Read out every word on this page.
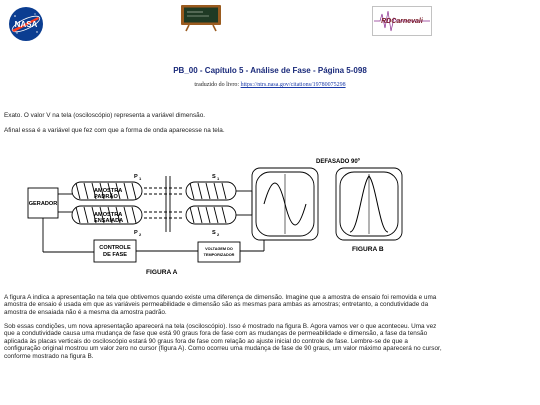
NASA	RDCarnevali
PB_00 - Capítulo 5 - Análise de Fase - Página 5-098
traduzido do livro: https://ntrs.nasa.gov/citations/19780075298
Exato. O valor V na tela (osciloscópio) representa a variável dimensão.
Afinal essa é a variável que fez com que a forma de onda aparecesse na tela.
GERADOR
AMOSTRA
PADRÃO
AMOSTRA
ENSAIADA
P 1
P 2
S 1
S 2
CONTROLE
DE FASE
VOLTAGEM DO
TEMPORIZADOR
DEFASADO 90º
FIGURA A
FIGURA B
A figura A indica a apresentação na tela que obtivemos quando existe uma diferença de dimensão. Imagine que a amostra de ensaio foi removida e uma amostra de ensaio é usada em que as variáveis permeabilidade e dimensão são as mesmas para ambas as amostras; entretanto, a condutividade da amostra de ensaiada não é a mesma da amostra padrão.
Sob essas condições, um nova apresentação aparecerá na tela (osciloscópio). Isso é mostrado na figura B. Agora vamos ver o que aconteceu. Uma vez que a condutividade causa uma mudança de fase que está 90 graus fora de fase com as mudanças de permeabilidade e dimensão, a fase da tensão aplicada às placas verticais do osciloscópio estará 90 graus fora de fase com relação ao ajuste inicial do controle de fase. Lembre-se de que a configuração original mostrou um valor zero no cursor (figura A). Como ocorreu uma mudança de fase de 90 graus, um valor máximo aparecerá no cursor, conforme mostrado na figura B.
